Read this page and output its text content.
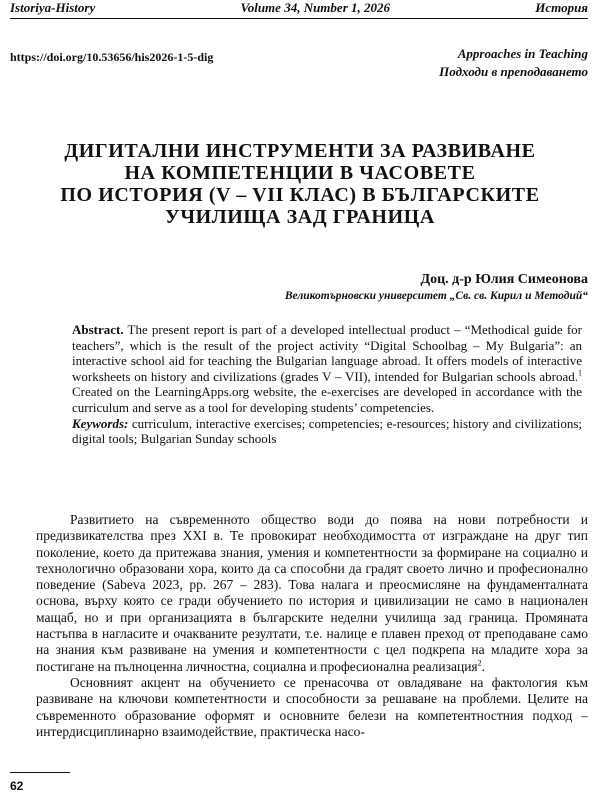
Istoriya-History	Volume 34, Number 1, 2026	История
https://doi.org/10.53656/his2026-1-5-dig	Approaches in Teaching
Подходи в преподаването
ДИГИТАЛНИ ИНСТРУМЕНТИ ЗА РАЗВИВАНЕ
НА КОМПЕТЕНЦИИ В ЧАСОВЕТЕ
ПО ИСТОРИЯ (V – VII КЛАС) В БЪЛГАРСКИТЕ
УЧИЛИЩА ЗАД ГРАНИЦА
Доц. д-р Юлия Симеонова
Великотърновски университет „Св. св. Кирил и Методий“

Abstract. The present report is part of a developed intellectual product – “Methodical guide for teachers”, which is the result of the project activity “Digital Schoolbag – My Bulgaria”: an interactive school aid for teaching the Bulgarian language abroad. It offers models of interactive worksheets on history and civilizations (grades V – VII), intended for Bulgarian schools abroad.$^1$ Created on the LearningApps.org website, the e-exercises are developed in accordance with the curriculum and serve as a tool for developing students’ competencies.

Keywords: curriculum, interactive exercises; competencies; e-resources; history and civilizations; digital tools; Bulgarian Sunday schools

Развитието на съвременното общество води до поява на нови потребности и предизвикателства през XXI в. Те провокират необходимостта от изграждане на друг тип поколение, което да притежава знания, умения и компетентности за формиране на социално и технологично образовани хора, които да са способни да градят своето лично и професионално поведение (Sabeva 2023, pp. 267 – 283). Това налага и преосмисляне на фундаменталната основа, върху която се гради обучението по история и цивилизации не само в национален мащаб, но и при организацията в българските неделни училища зад граница. Промяната настъпва в нагласите и очакваните резултати, т.е. налице е плавен преход от преподаване само на знания към развиване на умения и компетентности с цел подкрепа на младите хора за постигане на пълноценна личностна, социална и професионална реализация$^2$.

Основният акцент на обучението се пренасочва от овладяване на фактология към развиване на ключови компетентности и способности за решаване на проблеми. Целите на съвременното образование оформят и основните белези на компетентностния подход – интердисциплинарно взаимодействие, практическа насо-

62
